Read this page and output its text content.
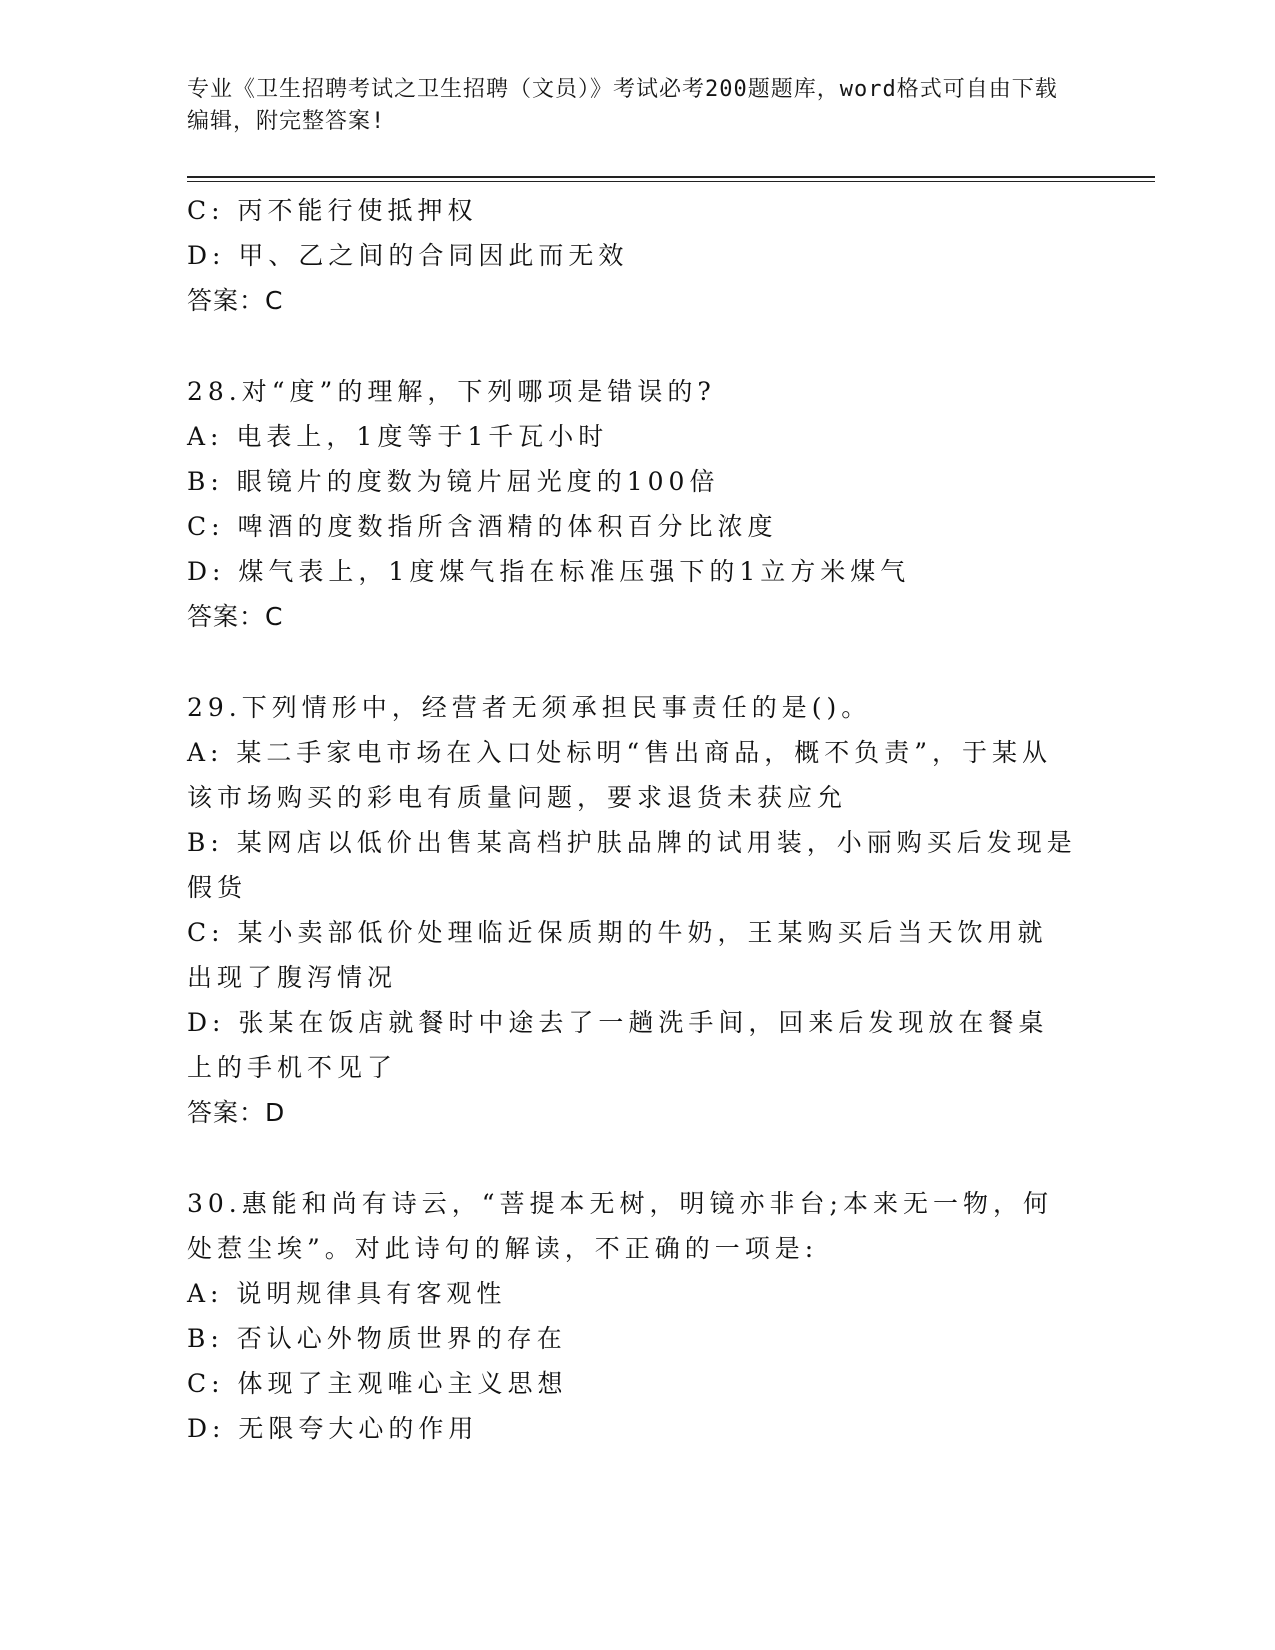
专业《卫生招聘考试之卫生招聘（文员）》考试必考200题题库，word格式可自由下载编辑，附完整答案!

C: 丙不能行使抵押权

D: 甲、乙之间的合同因此而无效

答案：C

28.对“度”的理解，下列哪项是错误的?

A: 电表上，1度等于1千瓦小时

B: 眼镜片的度数为镜片屈光度的100倍

C: 啤酒的度数指所含酒精的体积百分比浓度

D: 煤气表上，1度煤气指在标准压强下的1立方米煤气

答案：C

29.下列情形中，经营者无须承担民事责任的是()。

A: 某二手家电市场在入口处标明“售出商品，概不负责”，于某从该市场购买的彩电有质量问题，要求退货未获应允

B: 某网店以低价出售某高档护肤品牌的试用装，小丽购买后发现是假货

C: 某小卖部低价处理临近保质期的牛奶，王某购买后当天饮用就出现了腹泻情况

D: 张某在饭店就餐时中途去了一趟洗手间，回来后发现放在餐桌上的手机不见了

答案：D

30.惠能和尚有诗云，“菩提本无树，明镜亦非台;本来无一物，何处惹尘埃”。对此诗句的解读，不正确的一项是:

A: 说明规律具有客观性

B: 否认心外物质世界的存在

C: 体现了主观唯心主义思想

D: 无限夸大心的作用
